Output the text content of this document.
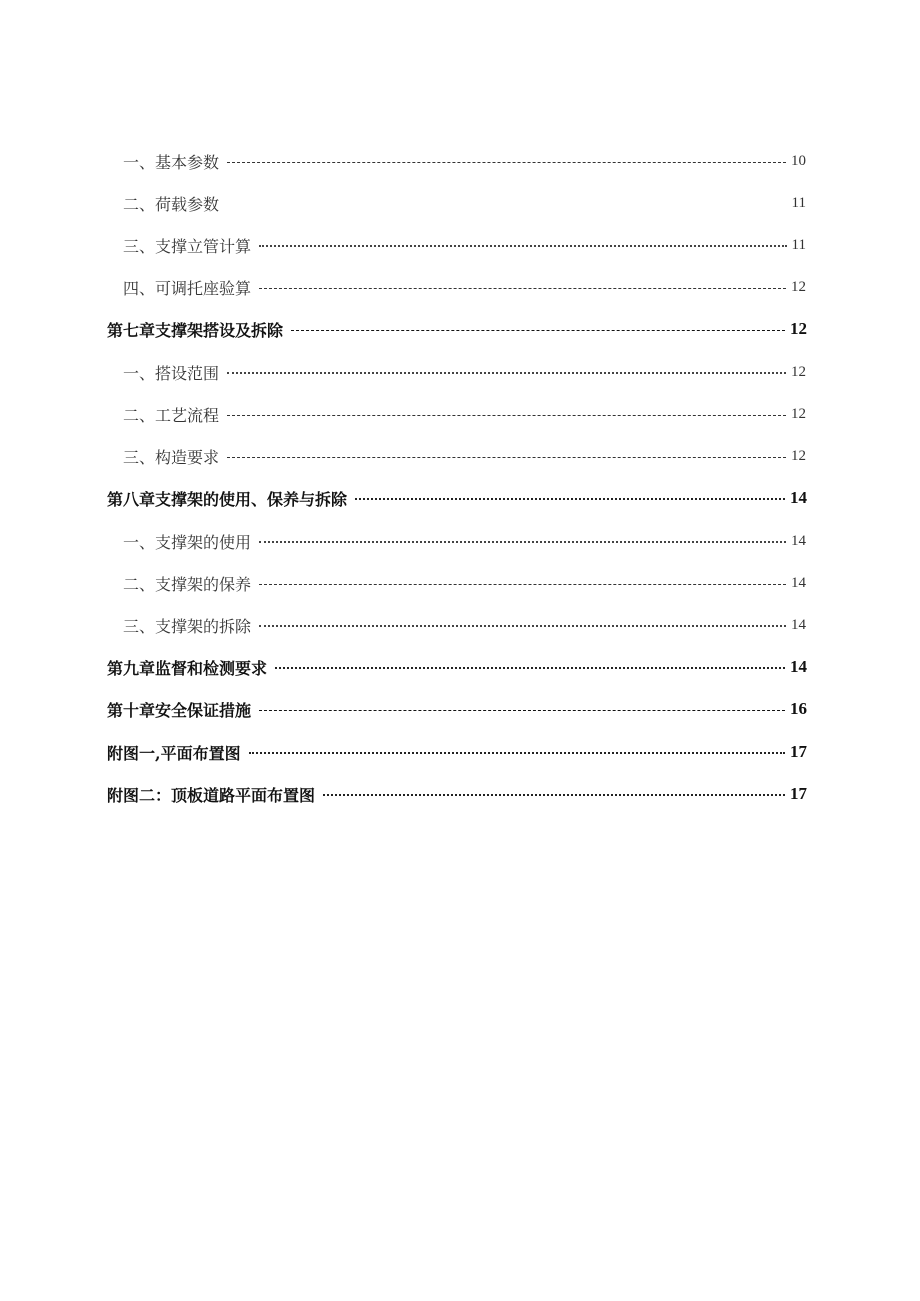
一、基本参数	10
二、荷载参数	11
三、支撑立管计算	11
四、可调托座验算	12
第七章支撑架搭设及拆除	12
一、搭设范围	12
二、工艺流程	12
三、构造要求	12
第八章支撑架的使用、保养与拆除	14
一、支撑架的使用	14
二、支撑架的保养	14
三、支撑架的拆除	14
第九章监督和检测要求	14
第十章安全保证措施	16
附图一,平面布置图	17
附图二：顶板道路平面布置图	17
